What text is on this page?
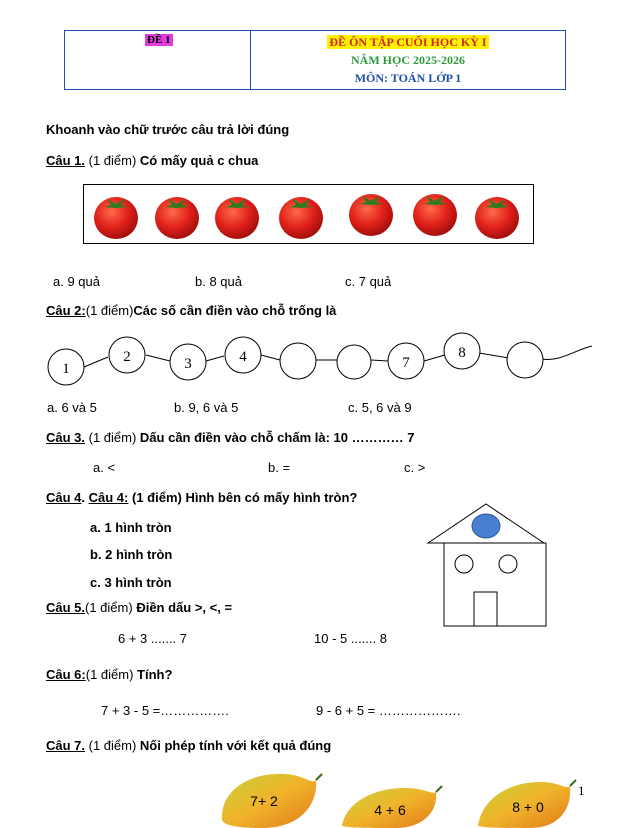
ĐỀ 1	ĐỀ ÔN TẬP CUỐI HỌC KỲ I
NĂM HỌC 2025-2026
MÔN: TOÁN LỚP 1
Khoanh vào chữ trước câu trả lời đúng
Câu 1. (1 điểm) Có mấy quả c chua
a. 9 quả	b. 8 quả	c. 7 quả
Câu 2:(1 điểm)Các số cần điền vào chỗ trống là
1
2	3	4	7
8
a. 6 và 5	b. 9, 6 và 5	c. 5, 6 và 9
Câu 3. (1 điểm) Dấu cần điền vào chỗ chấm là: 10 ………… 7
a. <	b. =	c. >
Câu 4. Câu 4: (1 điểm) Hình bên có mấy hình tròn?
a. 1 hình tròn
b. 2 hình tròn
c. 3 hình tròn
Câu 5.(1 điểm) Điền dấu >, <, =
6 + 3 ....... 7	10 - 5 ....... 8
Câu 6:(1 điểm) Tính?
7 + 3 - 5 =…………….	9 - 6 + 5 = ……………….
Câu 7. (1 điểm) Nối phép tính với kết quả đúng
7+ 2
4 + 6	8 + 0
1
